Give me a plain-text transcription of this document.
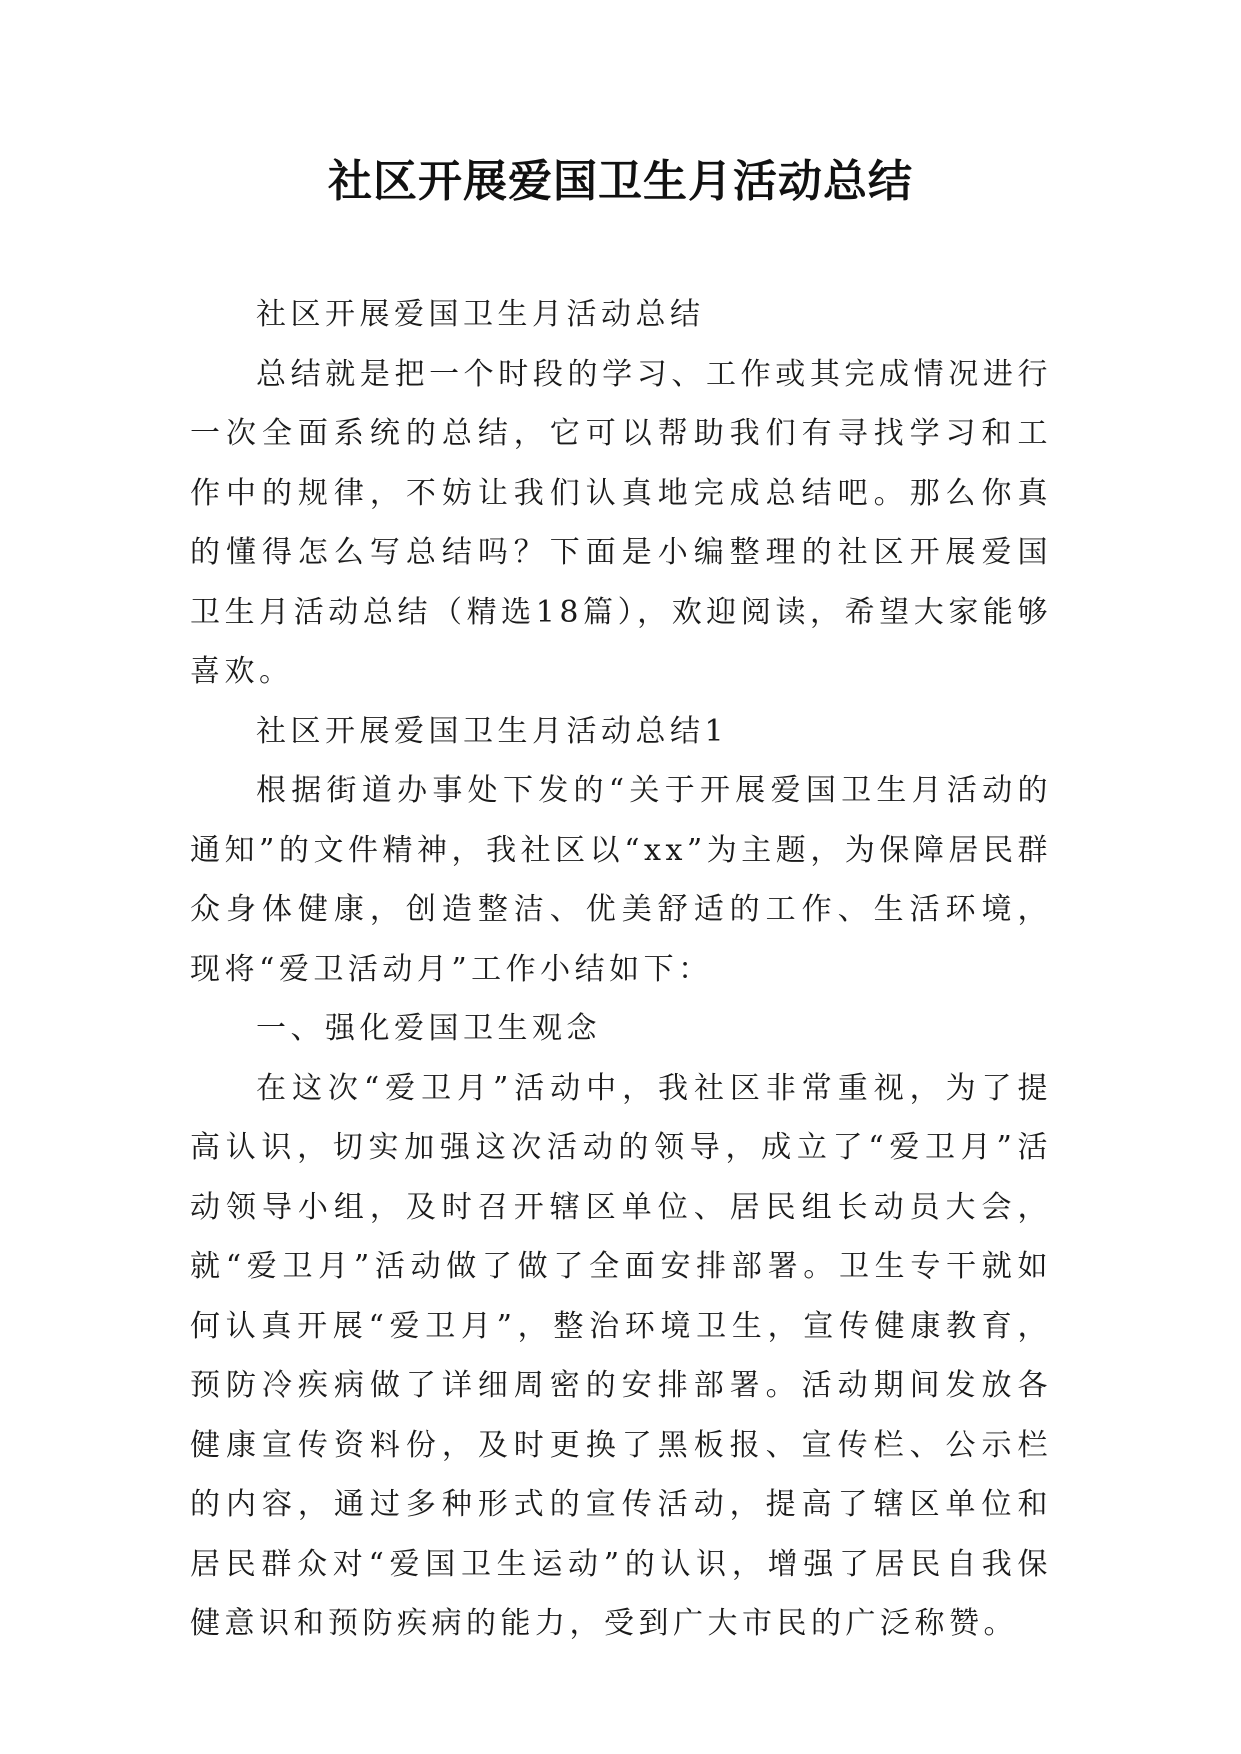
社区开展爱国卫生月活动总结

社区开展爱国卫生月活动总结

总结就是把一个时段的学习、工作或其完成情况进行一次全面系统的总结，它可以帮助我们有寻找学习和工作中的规律，不妨让我们认真地完成总结吧。那么你真的懂得怎么写总结吗？下面是小编整理的社区开展爱国卫生月活动总结（精选18篇），欢迎阅读，希望大家能够喜欢。

社区开展爱国卫生月活动总结1

根据街道办事处下发的“关于开展爱国卫生月活动的通知”的文件精神，我社区以“xx”为主题，为保障居民群众身体健康，创造整洁、优美舒适的工作、生活环境，现将“爱卫活动月”工作小结如下：

一、强化爱国卫生观念

在这次“爱卫月”活动中，我社区非常重视，为了提高认识，切实加强这次活动的领导，成立了“爱卫月”活动领导小组，及时召开辖区单位、居民组长动员大会，就“爱卫月”活动做了做了全面安排部署。卫生专干就如何认真开展“爱卫月”，整治环境卫生，宣传健康教育，预防冷疾病做了详细周密的安排部署。活动期间发放各健康宣传资料份，及时更换了黑板报、宣传栏、公示栏的内容，通过多种形式的宣传活动，提高了辖区单位和居民群众对“爱国卫生运动”的认识，增强了居民自我保健意识和预防疾病的能力，受到广大市民的广泛称赞。
